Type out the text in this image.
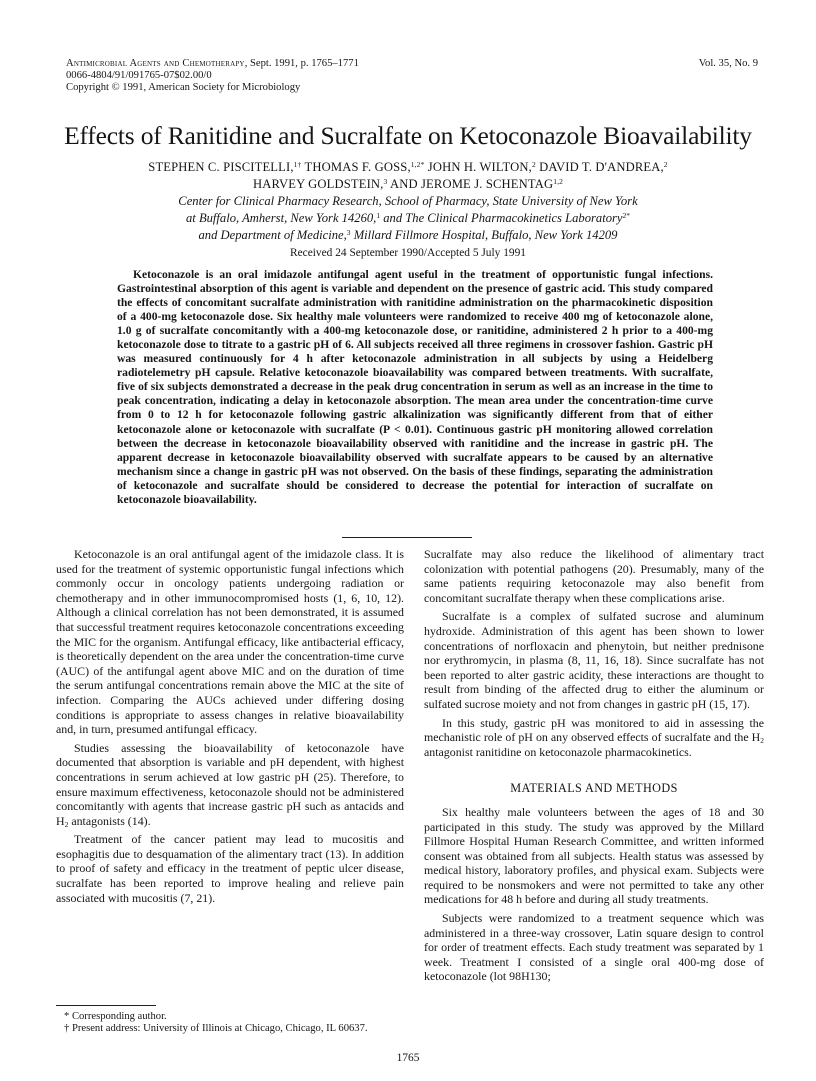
Antimicrobial Agents and Chemotherapy, Sept. 1991, p. 1765–1771
0066-4804/91/091765-07$02.00/0
Copyright © 1991, American Society for Microbiology
Vol. 35, No. 9
Effects of Ranitidine and Sucralfate on Ketoconazole Bioavailability
STEPHEN C. PISCITELLI,$^{1\dagger}$ THOMAS F. GOSS,$^{1,2*}$ JOHN H. WILTON,$^2$ DAVID T. D'ANDREA,$^2$
HARVEY GOLDSTEIN,$^3$ AND JEROME J. SCHENTAG$^{1,2}$
Center for Clinical Pharmacy Research, School of Pharmacy, State University of New York
at Buffalo, Amherst, New York 14260,$^1$ and The Clinical Pharmacokinetics Laboratory$^{2*}$
and Department of Medicine,$^3$ Millard Fillmore Hospital, Buffalo, New York 14209
Received 24 September 1990/Accepted 5 July 1991

Ketoconazole is an oral imidazole antifungal agent useful in the treatment of opportunistic fungal infections. Gastrointestinal absorption of this agent is variable and dependent on the presence of gastric acid. This study compared the effects of concomitant sucralfate administration with ranitidine administration on the pharmacokinetic disposition of a 400-mg ketoconazole dose. Six healthy male volunteers were randomized to receive 400 mg of ketoconazole alone, 1.0 g of sucralfate concomitantly with a 400-mg ketoconazole dose, or ranitidine, administered 2 h prior to a 400-mg ketoconazole dose to titrate to a gastric pH of 6. All subjects received all three regimens in crossover fashion. Gastric pH was measured continuously for 4 h after ketoconazole administration in all subjects by using a Heidelberg radiotelemetry pH capsule. Relative ketoconazole bioavailability was compared between treatments. With sucralfate, five of six subjects demonstrated a decrease in the peak drug concentration in serum as well as an increase in the time to peak concentration, indicating a delay in ketoconazole absorption. The mean area under the concentration-time curve from 0 to 12 h for ketoconazole following gastric alkalinization was significantly different from that of either ketoconazole alone or ketoconazole with sucralfate (P < 0.01). Continuous gastric pH monitoring allowed correlation between the decrease in ketoconazole bioavailability observed with ranitidine and the increase in gastric pH. The apparent decrease in ketoconazole bioavailability observed with sucralfate appears to be caused by an alternative mechanism since a change in gastric pH was not observed. On the basis of these findings, separating the administration of ketoconazole and sucralfate should be considered to decrease the potential for interaction of sucralfate on ketoconazole bioavailability.

Ketoconazole is an oral antifungal agent of the imidazole class. It is used for the treatment of systemic opportunistic fungal infections which commonly occur in oncology patients undergoing radiation or chemotherapy and in other immunocompromised hosts (1, 6, 10, 12). Although a clinical correlation has not been demonstrated, it is assumed that successful treatment requires ketoconazole concentrations exceeding the MIC for the organism. Antifungal efficacy, like antibacterial efficacy, is theoretically dependent on the area under the concentration-time curve (AUC) of the antifungal agent above MIC and on the duration of time the serum antifungal concentrations remain above the MIC at the site of infection. Comparing the AUCs achieved under differing dosing conditions is appropriate to assess changes in relative bioavailability and, in turn, presumed antifungal efficacy.

Studies assessing the bioavailability of ketoconazole have documented that absorption is variable and pH dependent, with highest concentrations in serum achieved at low gastric pH (25). Therefore, to ensure maximum effectiveness, ketoconazole should not be administered concomitantly with agents that increase gastric pH such as antacids and $H_2$ antagonists (14).

Treatment of the cancer patient may lead to mucositis and esophagitis due to desquamation of the alimentary tract (13). In addition to proof of safety and efficacy in the treatment of peptic ulcer disease, sucralfate has been reported to improve healing and relieve pain associated with mucositis (7, 21).

* Corresponding author.
† Present address: University of Illinois at Chicago, Chicago, IL 60637.

Sucralfate may also reduce the likelihood of alimentary tract colonization with potential pathogens (20). Presumably, many of the same patients requiring ketoconazole may also benefit from concomitant sucralfate therapy when these complications arise.

Sucralfate is a complex of sulfated sucrose and aluminum hydroxide. Administration of this agent has been shown to lower concentrations of norfloxacin and phenytoin, but neither prednisone nor erythromycin, in plasma (8, 11, 16, 18). Since sucralfate has not been reported to alter gastric acidity, these interactions are thought to result from binding of the affected drug to either the aluminum or sulfated sucrose moiety and not from changes in gastric pH (15, 17).

In this study, gastric pH was monitored to aid in assessing the mechanistic role of pH on any observed effects of sucralfate and the $H_2$ antagonist ranitidine on ketoconazole pharmacokinetics.

MATERIALS AND METHODS

Six healthy male volunteers between the ages of 18 and 30 participated in this study. The study was approved by the Millard Fillmore Hospital Human Research Committee, and written informed consent was obtained from all subjects. Health status was assessed by medical history, laboratory profiles, and physical exam. Subjects were required to be nonsmokers and were not permitted to take any other medications for 48 h before and during all study treatments.

Subjects were randomized to a treatment sequence which was administered in a three-way crossover, Latin square design to control for order of treatment effects. Each study treatment was separated by 1 week. Treatment I consisted of a single oral 400-mg dose of ketoconazole (lot 98H130;

1765
